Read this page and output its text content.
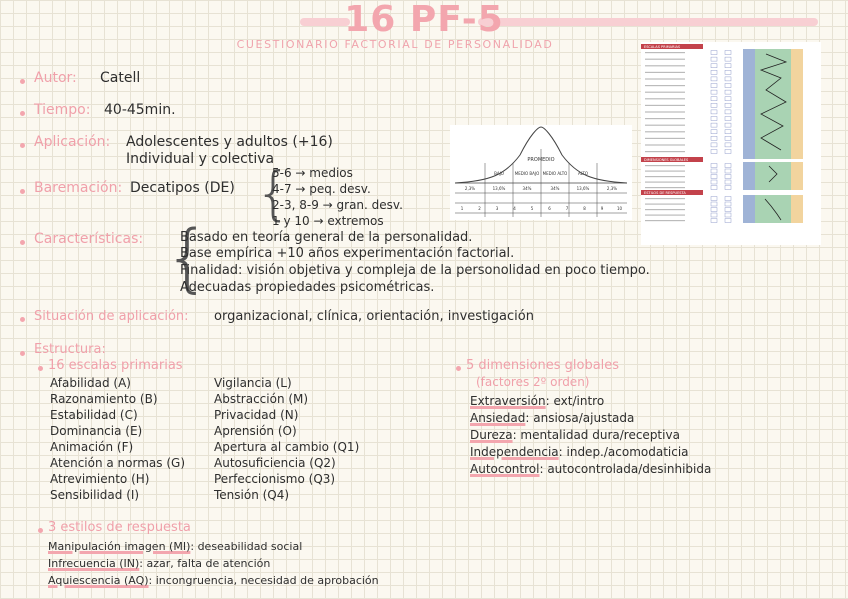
16 PF-5
CUESTIONARIO FACTORIAL DE PERSONALIDAD
Autor: Catell
Tiempo: 40-45min.
Aplicación: Adolescentes y adultos (+16)
Individual y colectiva
Baremación: Decatipos (DE) {
5-6 → medios
4-7 → peq. desv.
2-3, 8-9 → gran. desv.
1 y 10 → extremos
PROMEDIO
BAJO	MEDIO BAJO MEDIO ALTO	ALTO
2,3%	13,6%	34%	34%	13,6%	2,3%
1	2	3	4	5	6	7	8	9	10
ESCALAS PRIMARIAS
DIMENSIONES GLOBALES
ESTILOS DE RESPUESTA
Características: {
Basado en teoría general de la personalidad.
Base empírica +10 años experimentación factorial.
Finalidad: visión objetiva y compleja de la personolidad en poco tiempo.
Adecuadas propiedades psicométricas.
Situación de aplicación: organizacional, clínica, orientación, investigación
Estructura:
16 escalas primarias
Afabilidad (A)
Razonamiento (B)
Estabilidad (C)
Dominancia (E)
Animación (F)
Atención a normas (G)
Atrevimiento (H)
Sensibilidad (I)
Vigilancia (L)
Abstracción (M)
Privacidad (N)
Aprensión (O)
Apertura al cambio (Q1)
Autosuficiencia (Q2)
Perfeccionismo (Q3)
Tensión (Q4)
5 dimensiones globales
(factores 2º orden)
Extraversión: ext/intro
Ansiedad: ansiosa/ajustada
Dureza: mentalidad dura/receptiva
Independencia: indep./acomodaticia
Autocontrol: autocontrolada/desinhibida
3 estilos de respuesta
Manipulación imagen (MI): deseabilidad social
Infrecuencia (IN): azar, falta de atención
Aquiescencia (AQ): incongruencia, necesidad de aprobación
